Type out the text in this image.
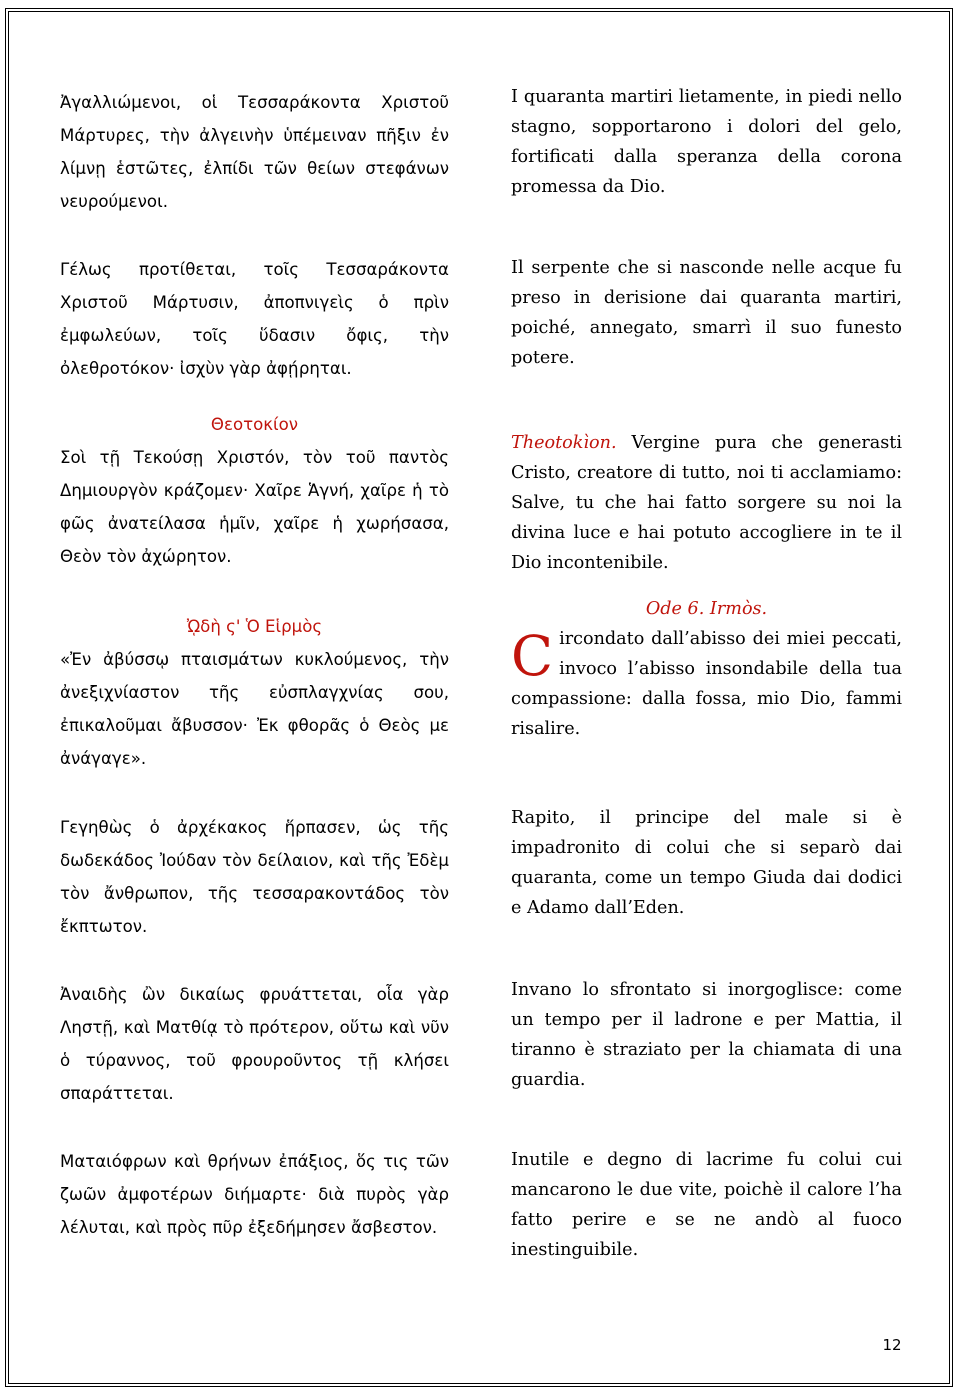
Ἀγαλλιώμενοι, οἱ Τεσσαράκοντα Χριστοῦ Μάρτυρες, τὴν ἀλγεινὴν ὑπέμειναν πῆξιν ἐν λίμνῃ ἑστῶτες, ἐλπίδι τῶν θείων στεφάνων νευρούμενοι.

Γέλως προτίθεται, τοῖς Τεσσαράκοντα Χριστοῦ Μάρτυσιν, ἀποπνιγεὶς ὁ πρὶν ἐμφωλεύων, τοῖς ὕδασιν ὄφις, τὴν ὀλεθροτόκον· ἰσχὺν γὰρ ἀφῄρηται.

Θεοτοκίον
Σοὶ τῇ Τεκούσῃ Χριστόν, τὸν τοῦ παντὸς Δημιουργὸν κράζομεν· Χαῖρε Ἁγνή, χαῖρε ἡ τὸ φῶς ἀνατείλασα ἡμῖν, χαῖρε ἡ χωρήσασα, Θεὸν τὸν ἀχώρητον.
ᾨδὴ ς' Ὁ Εἱρμὸς
«Ἐν ἀβύσσῳ πταισμάτων κυκλούμενος, τὴν ἀνεξιχνίαστον τῆς εὐσπλαγχνίας σου, ἐπικαλοῦμαι ἄβυσσον· Ἐκ φθορᾶς ὁ Θεὸς με ἀνάγαγε».

Γεγηθὼς ὁ ἀρχέκακος ἥρπασεν, ὡς τῆς δωδεκάδος Ἰούδαν τὸν δείλαιον, καὶ τῆς Ἐδὲμ τὸν ἄνθρωπον, τῆς τεσσαρακοντάδος τὸν ἔκπτωτον.

Ἀναιδὴς ὢν δικαίως φρυάττεται, οἷα γὰρ Ληστῇ, καὶ Ματθίᾳ τὸ πρότερον, οὕτω καὶ νῦν ὁ τύραννος, τοῦ φρουροῦντος τῇ κλήσει σπαράττεται.

Ματαιόφρων καὶ θρήνων ἐπάξιος, ὅς τις τῶν ζωῶν ἀμφοτέρων διήμαρτε· διὰ πυρὸς γὰρ λέλυται, καὶ πρὸς πῦρ ἐξεδήμησεν ἄσβεστον.

I quaranta martiri lietamente, in piedi nello stagno, sopportarono i dolori del gelo, fortificati dalla speranza della corona promessa da Dio.

Il serpente che si nasconde nelle acque fu preso in derisione dai quaranta martiri, poiché, annegato, smarrì il suo funesto potere.

Theotokìon. Vergine pura che generasti Cristo, creatore di tutto, noi ti acclamiamo: Salve, tu che hai fatto sorgere su noi la divina luce e hai potuto accogliere in te il Dio incontenibile.

Ode 6. Irmòs.
C ircondato dall’abisso dei miei peccati, invoco l’abisso insondabile della tua compassione: dalla fossa, mio Dio, fammi risalire.

Rapito, il principe del male si è impadronito di colui che si separò dai quaranta, come un tempo Giuda dai dodici e Adamo dall’Eden.

Invano lo sfrontato si inorgoglisce: come un tempo per il ladrone e per Mattia, il tiranno è straziato per la chiamata di una guardia.

Inutile e degno di lacrime fu colui cui mancarono le due vite, poichè il calore l’ha fatto perire e se ne andò al fuoco inestinguibile.

12
